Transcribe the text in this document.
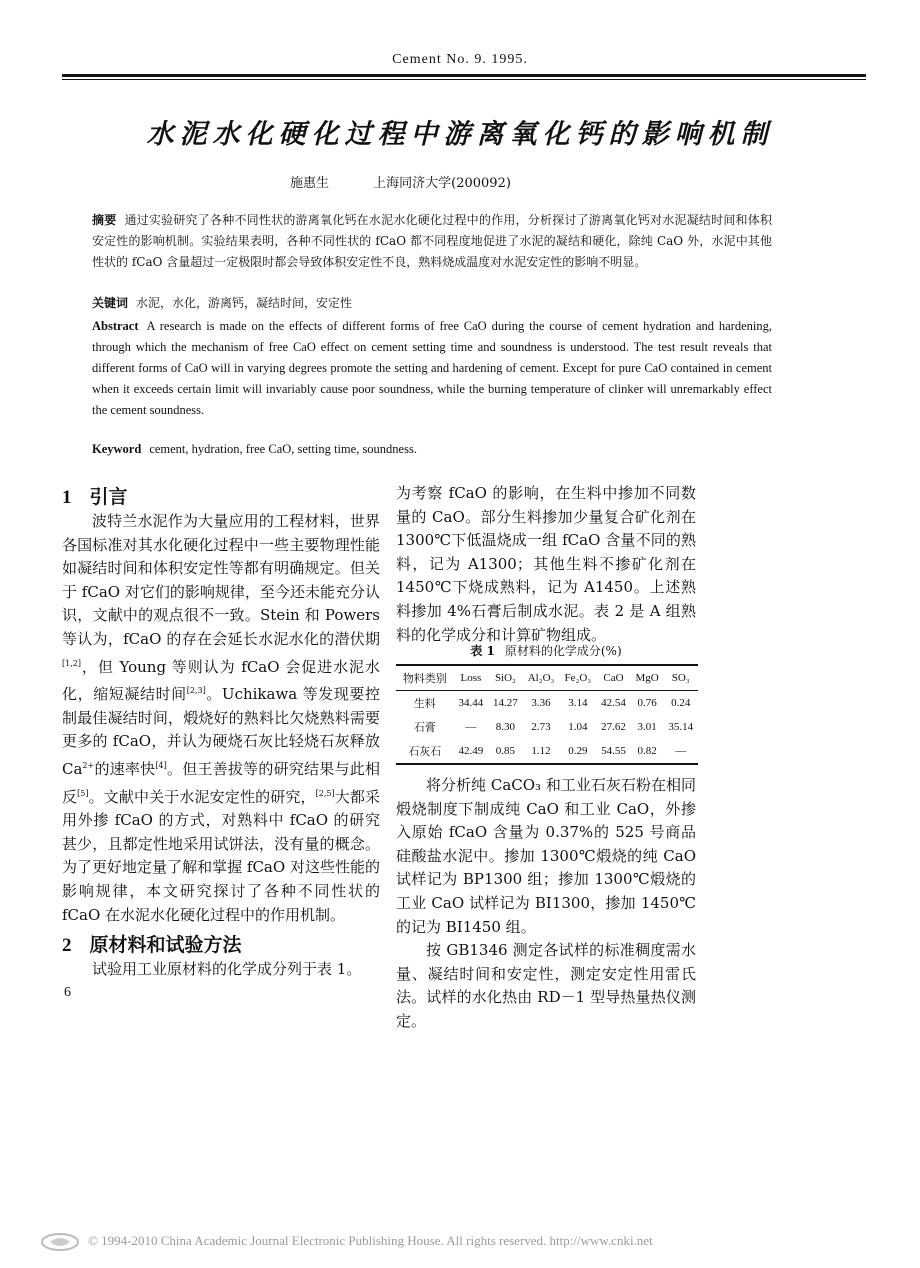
Cement No. 9. 1995.
水泥水化硬化过程中游离氧化钙的影响机制
施惠生	上海同济大学(200092)
摘要 通过实验研究了各种不同性状的游离氧化钙在水泥水化硬化过程中的作用，分析探讨了游离氧化钙对水泥凝结时间和体积安定性的影响机制。实验结果表明，各种不同性状的 fCaO 都不同程度地促进了水泥的凝结和硬化，除纯 CaO 外，水泥中其他性状的 fCaO 含量超过一定极限时都会导致体积安定性不良，熟料烧成温度对水泥安定性的影响不明显。
关键词 水泥，水化，游离钙，凝结时间，安定性
Abstract A research is made on the effects of different forms of free CaO during the course of cement hydration and hardening, through which the mechanism of free CaO effect on cement setting time and soundness is understood. The test result reveals that different forms of CaO will in varying degrees promote the setting and hardening of cement. Except for pure CaO contained in cement when it exceeds certain limit will invariably cause poor soundness, while the burning temperature of clinker will unremarkably effect the cement soundness.
Keyword cement, hydration, free CaO, setting time, soundness.
1 引言
波特兰水泥作为大量应用的工程材料，世界各国标准对其水化硬化过程中一些主要物理性能如凝结时间和体积安定性等都有明确规定。但关于 fCaO 对它们的影响规律，至今还未能充分认识，文献中的观点很不一致。Stein 和 Powers 等认为，fCaO 的存在会延长水泥水化的潜伏期[1,2]，但 Young 等则认为 fCaO 会促进水泥水化，缩短凝结时间[2,3]。Uchikawa 等发现要控制最佳凝结时间，煅烧好的熟料比欠烧熟料需要更多的 fCaO，并认为硬烧石灰比轻烧石灰释放 $Ca^{2+}$的速率快[4]。但王善拔等的研究结果与此相反[5]。文献中关于水泥安定性的研究，[2,5]大都采用外掺 fCaO 的方式，对熟料中 fCaO 的研究甚少，且都定性地采用试饼法，没有量的概念。为了更好地定量了解和掌握 fCaO 对这些性能的影响规律，本文研究探讨了各种不同性状的 fCaO 在水泥水化硬化过程中的作用机制。
2 原材料和试验方法
试验用工业原材料的化学成分列于表 1。
6
为考察 fCaO 的影响，在生料中掺加不同数量的 CaO。部分生料掺加少量复合矿化剂在 1300℃下低温烧成一组 fCaO 含量不同的熟料，记为 A1300；其他生料不掺矿化剂在 1450℃下烧成熟料，记为 A1450。上述熟料掺加 4%石膏后制成水泥。表 2 是 A 组熟料的化学成分和计算矿物组成。
表 1 原材料的化学成分(%)
物料类别	Loss	SiO₂	Al₂O₃	Fe₂O₃	CaO	MgO	SO₃
生料	34.44	14.27	3.36	3.14	42.54	0.76	0.24
石膏	—	8.30	2.73	1.04	27.62	3.01	35.14
石灰石	42.49	0.85	1.12	0.29	54.55	0.82	—
将分析纯 CaCO₃ 和工业石灰石粉在相同煅烧制度下制成纯 CaO 和工业 CaO，外掺入原始 fCaO 含量为 0.37%的 525 号商品硅酸盐水泥中。掺加 1300℃煅烧的纯 CaO 试样记为 BP1300 组；掺加 1300℃煅烧的工业 CaO 试样记为 BI1300，掺加 1450℃的记为 BI1450 组。
按 GB1346 测定各试样的标准稠度需水量、凝结时间和安定性，测定安定性用雷氏法。试样的水化热由 RD－1 型导热量热仪测定。
© 1994-2010 China Academic Journal Electronic Publishing House. All rights reserved. http://www.cnki.net
